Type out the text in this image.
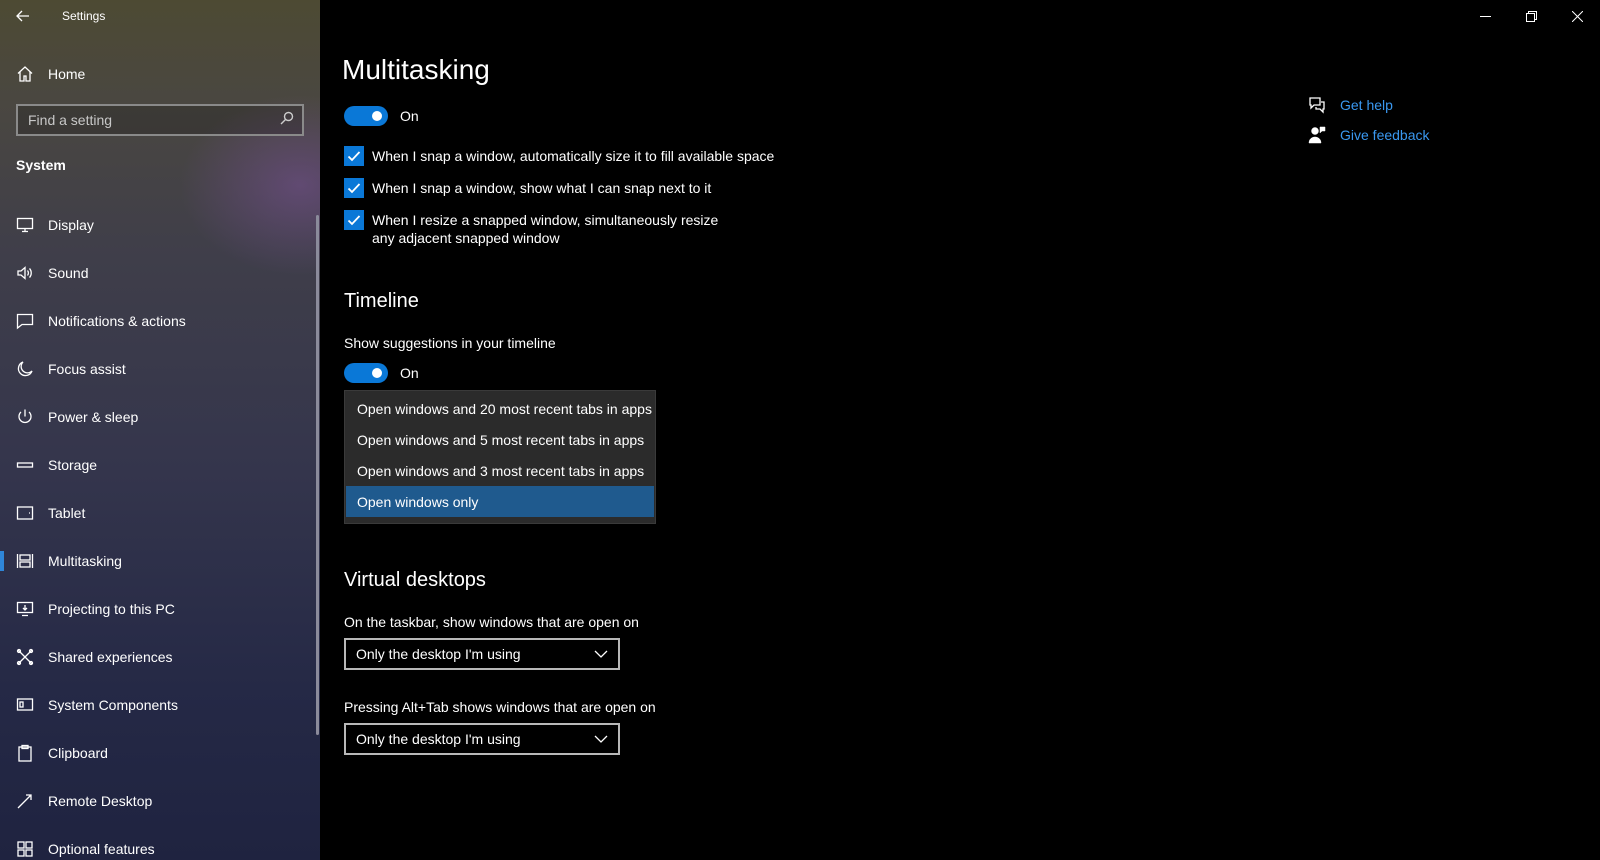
Settings
Home
Find a setting
System
Display
Sound
Notifications & actions
Focus assist
Power & sleep
Storage
Tablet
Multitasking
Projecting to this PC
Shared experiences
System Components
Clipboard
Remote Desktop
Optional features
Multitasking
On
When I snap a window, automatically size it to fill available space
When I snap a window, show what I can snap next to it
When I resize a snapped window, simultaneously resize any adjacent snapped window
Timeline
Show suggestions in your timeline
On
Open windows and 20 most recent tabs in apps
Open windows and 5 most recent tabs in apps
Open windows and 3 most recent tabs in apps
Open windows only
Virtual desktops
On the taskbar, show windows that are open on
Only the desktop I'm using
Pressing Alt+Tab shows windows that are open on
Only the desktop I'm using
Get help
Give feedback
